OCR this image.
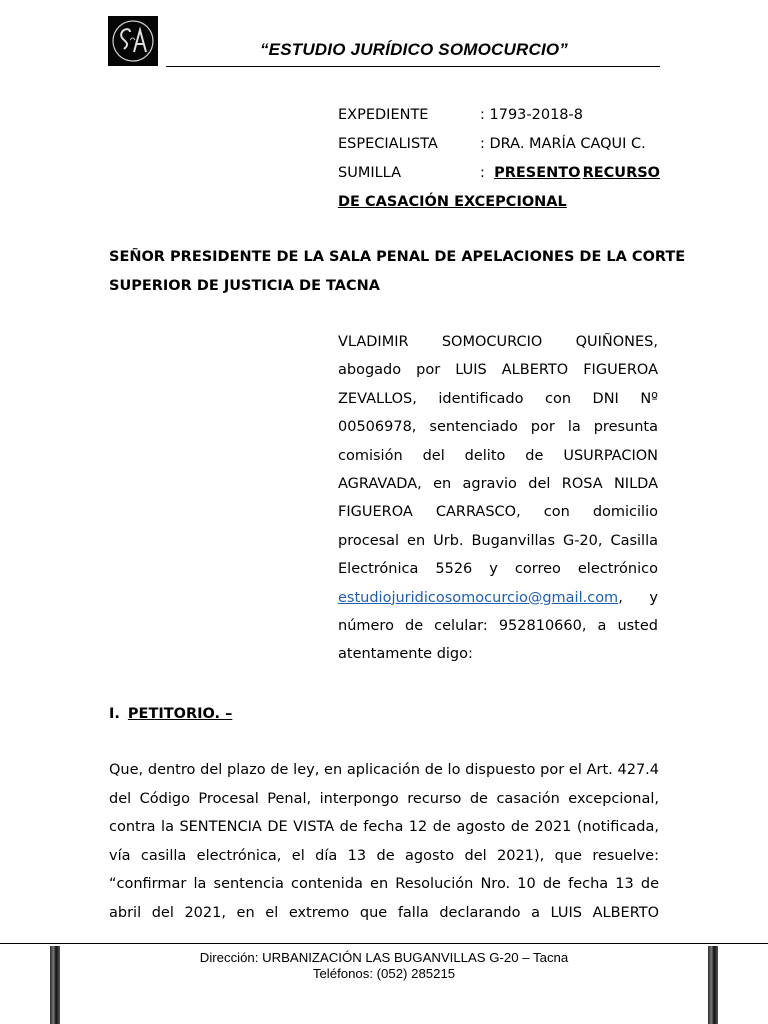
“ESTUDIO JURÍDICO SOMOCURCIO”
EXPEDIENTE	:
1793-2018-8
ESPECIALISTA	:
DRA. MARÍA CAQUI C.
SUMILLA	:
PRESENTO RECURSO
DE CASACIÓN EXCEPCIONAL
SEÑOR PRESIDENTE DE LA SALA PENAL DE APELACIONES DE LA CORTE
SUPERIOR DE JUSTICIA DE TACNA
VLADIMIR SOMOCURCIO QUIÑONES,
abogado por LUIS ALBERTO FIGUEROA
ZEVALLOS, identificado con DNI Nº
00506978, sentenciado por la presunta
comisión del delito de USURPACION
AGRAVADA, en agravio del ROSA NILDA
FIGUEROA CARRASCO, con domicilio
procesal en Urb. Buganvillas G-20, Casilla
Electrónica 5526 y correo electrónico
estudiojuridicosomocurcio@gmail.com,   y
número de celular: 952810660, a usted
atentamente digo:
I. PETITORIO. –
Que, dentro del plazo de ley, en aplicación de lo dispuesto por el Art. 427.4
del Código Procesal Penal, interpongo recurso de casación excepcional,
contra la SENTENCIA DE VISTA de fecha 12 de agosto de 2021 (notificada,
vía casilla electrónica, el día 13 de agosto del 2021), que resuelve:
“confirmar la sentencia contenida en Resolución Nro. 10 de fecha 13 de
abril del 2021, en el extremo que falla declarando a LUIS ALBERTO
Dirección: URBANIZACIÓN LAS BUGANVILLAS G-20 – Tacna
Teléfonos: (052) 285215
